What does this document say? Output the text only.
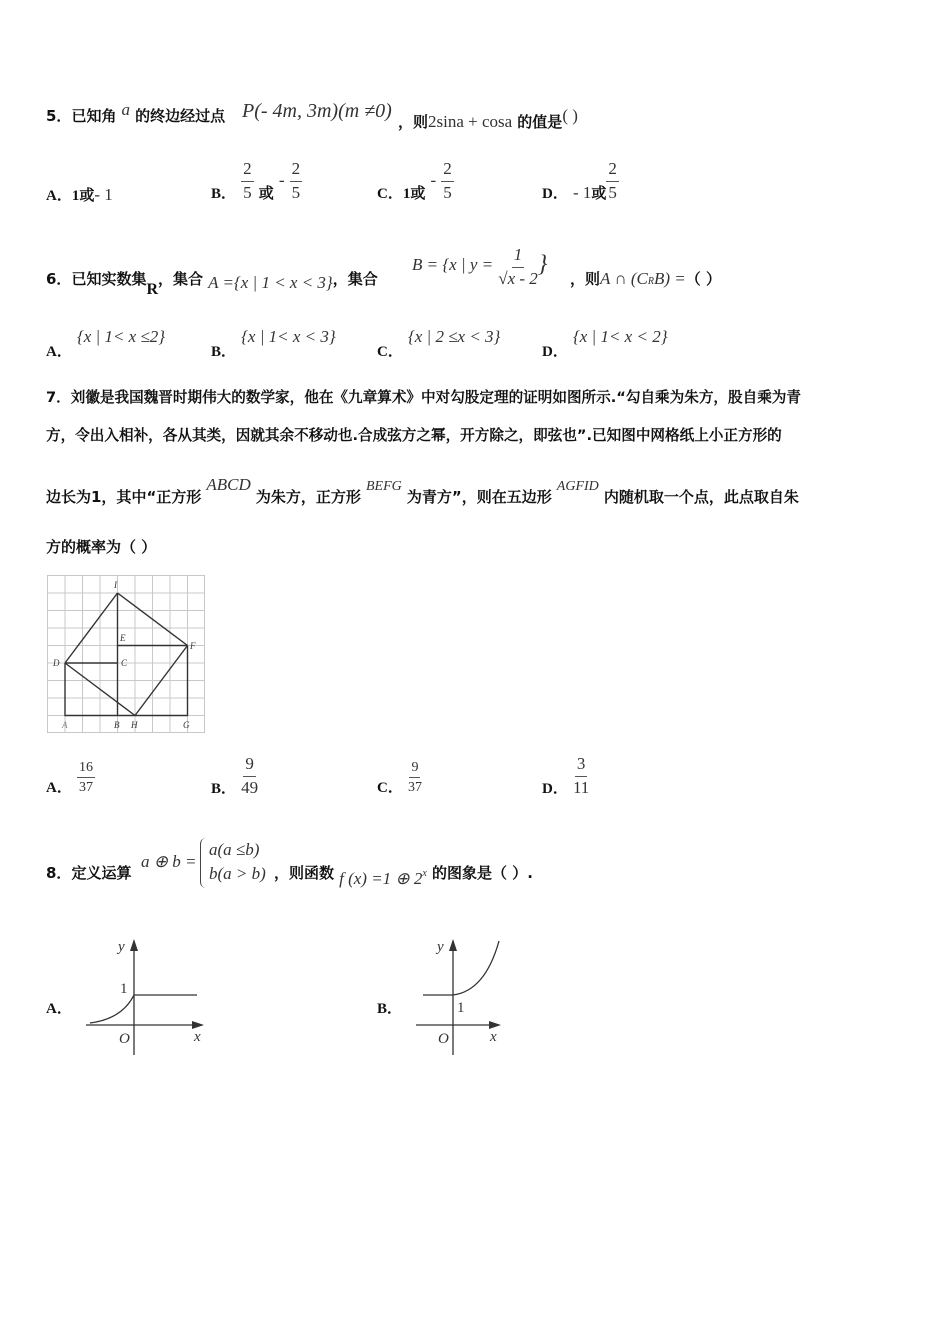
5．已知角 a 的终边经过点 P(- 4m, 3m)(m ≠0) ，则2sina + cosa 的值是( )
A．1或- 1	B． $\frac{2}{5}$ 或 - $\frac{2}{5}$	C．1或 - $\frac{2}{5}$	D． - 1或 $\frac{2}{5}$
6．已知实数集R，集合 A ={x | 1 < x < 3}，集合
B = {x | $y = \frac{1}{√x - 2}$ }
，则A ∩ (CRB) =（ ）
A． {x | 1< x ≤2}
B． {x | 1< x < 3}
C． {x | 2 ≤x < 3}
D． {x | 1< x < 2}
7．刘徽是我国魏晋时期伟大的数学家，他在《九章算术》中对勾股定理的证明如图所示.“勾自乘为朱方，股自乘为青
方，令出入相补，各从其类，因就其余不移动也.合成弦方之幂，开方除之，即弦也”.已知图中网格纸上小正方形的
边长为1，其中“正方形 ABCD 为朱方，正方形 BEFG 为青方”，则在五边形 AGFID 内随机取一个点，此点取自朱
方的概率为（ ）
I
E
F
D	C
A	B H	G
A． $\frac{16}{37}$	B． $\frac{9}{49}$	C． $\frac{9}{37}$	D． $\frac{3}{11}$
8．定义运算
a ⊕ b =
a(a ≤b)
b(a > b) ，则函数 f (x) =1 ⊕ 2x 的图象是（ ）.
A．
y
1
O	x
B．
y
1
O	x
